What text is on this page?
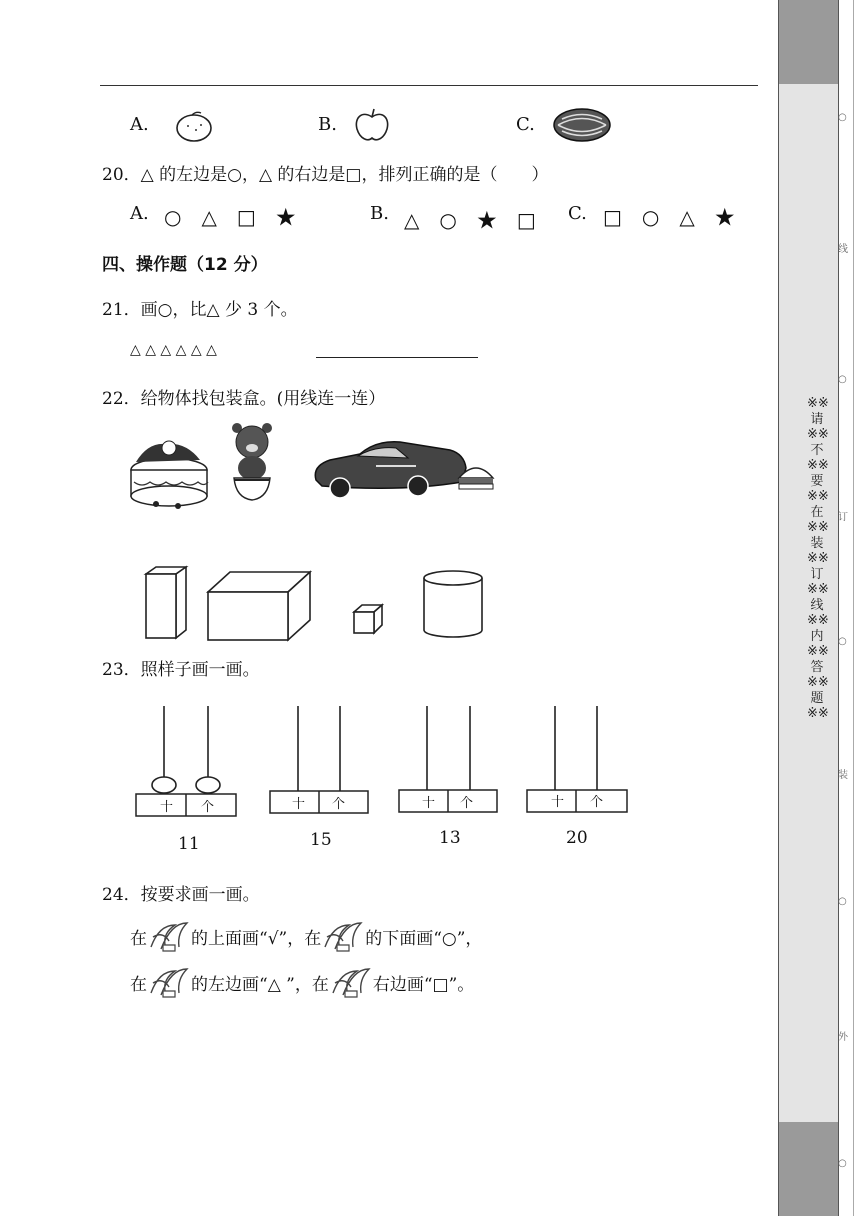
A.	B.	C.
20．△ 的左边是○，△ 的右边是□，排列正确的是（　　）
A. ○　△　□　★	B. △　○　★　□ C. □　○　△　★
四、操作题（12 分）
21．画○，比△ 少 3 个。
△ △ △ △ △ △
22．给物体找包装盒。(用线连一连）
23．照样子画一画。
十 个
11
十 个
15
十 个
13
十 个
20
24．按要求画一画。
在	的上面画“√”，在	的下面画“○”，
在	的左边画“△ ”，在	右边画“□”。
※※请※※不※※要※※在※※装※※订※※线※※内※※答※※题※※
○
线
○
订
○
装
○
外
○
